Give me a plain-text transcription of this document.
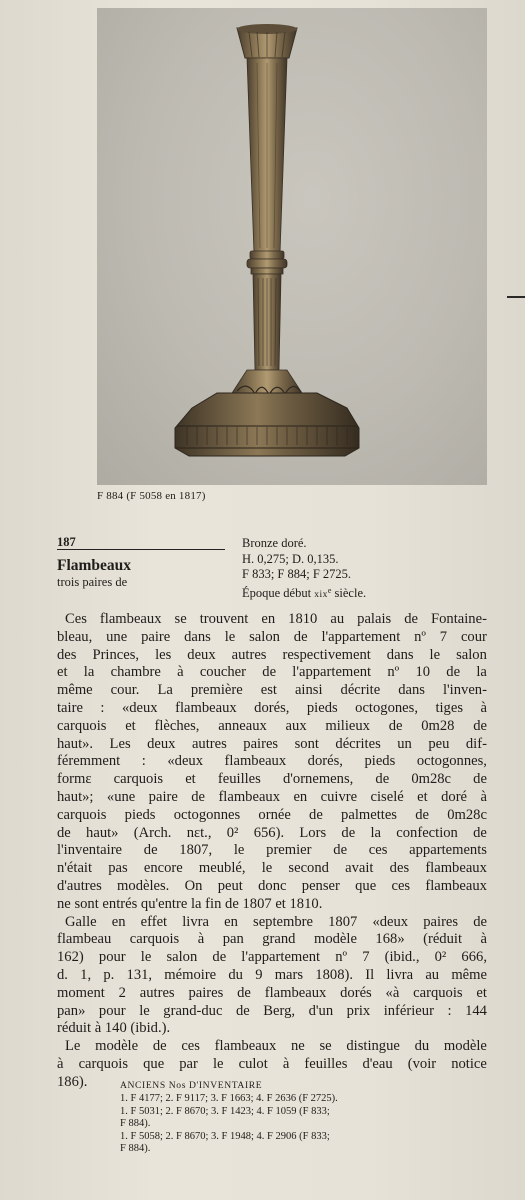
F 884 (F 5058 en 1817)
187
Flambeaux
trois paires de
Bronze doré.
H. 0,275; D. 0,135.
F 833; F 884; F 2725.
Époque début xix$^e$ siècle.
Ces flambeaux se trouvent en 1810 au palais de Fontaine-
bleau, une paire dans le salon de l'appartement nº 7 cour
des Princes, les deux autres respectivement dans le salon
et la chambre à coucher de l'appartement nº 10 de la
même cour. La première est ainsi décrite dans l'inven-
taire : «deux flambeaux dorés, pieds octogones, tiges à
carquois et flèches, anneaux aux milieux de 0m28 de
haut». Les deux autres paires sont décrites un peu dif-
féremment : «deux flambeaux dorés, pieds octogonnes,
formε carquois et feuilles d'ornemens, de 0m28c de
haut»; «une paire de flambeaux en cuivre ciselé et doré à
carquois pieds octogonnes ornée de palmettes de 0m28c
de haut» (Arch. nεt., 0² 656). Lors de la confection de
l'inventaire de 1807, le premier de ces appartements
n'était pas encore meublé, le second avait des flambeaux
d'autres modèles. On peut donc penser que ces flambeaux
ne sont entrés qu'entre la fin de 1807 et 1810.
Galle en effet livra en septembre 1807 «deux paires de
flambeau carquois à pan grand modèle 168» (réduit à
162) pour le salon de l'appartement nº 7 (ibid., 0² 666,
d. 1, p. 131, mémoire du 9 mars 1808). Il livra au même
moment 2 autres paires de flambeaux dorés «à carquois et
pan» pour le grand-duc de Berg, d'un prix inférieur : 144
réduit à 140 (ibid.).
Le modèle de ces flambeaux ne se distingue du modèle
à carquois que par le culot à feuilles d'eau (voir notice
186).	ANCIENS Nos D'INVENTAIRE
1. F 4177; 2. F 9117; 3. F 1663; 4. F 2636 (F 2725).
1. F 5031; 2. F 8670; 3. F 1423; 4. F 1059 (F 833;
F 884).
1. F 5058; 2. F 8670; 3. F 1948; 4. F 2906 (F 833;
F 884).
